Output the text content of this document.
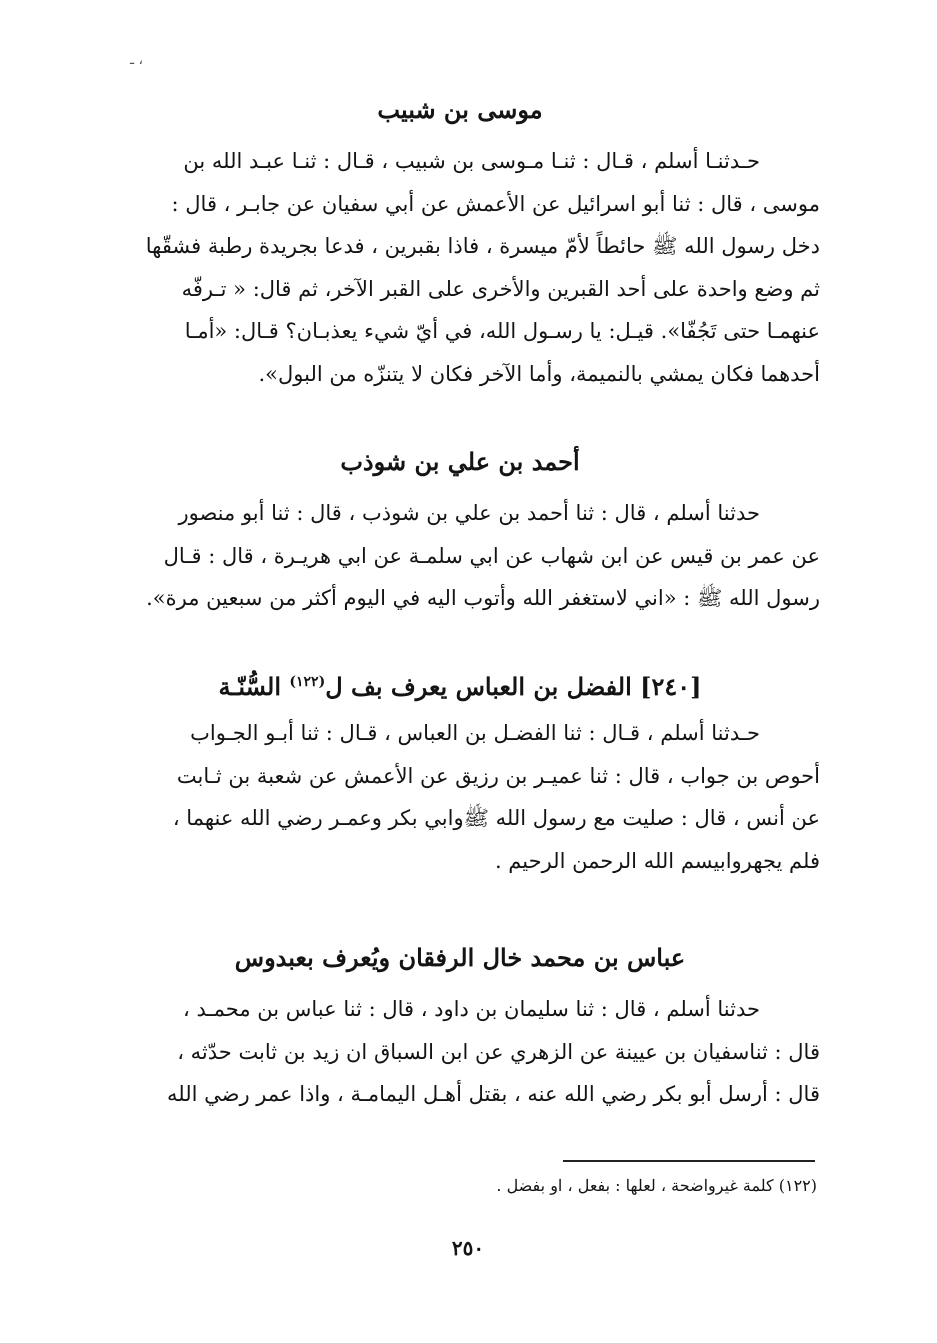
، ـ
موسى بن شبيب
حـدثنـا أسلم ، قـال : ثنـا مـوسى بن شبيب ، قـال : ثنـا عبـد الله بن
موسى ، قال : ثنا أبو اسرائيل عن الأعمش عن أبي سفيان عن جابـر ، قال :
دخل رسول الله ﷺ حائطاً لأمّ ميسرة ، فاذا بقبرين ، فدعا بجريدة رطبة فشقّها
ثم وضع واحدة على أحد القبرين والأخرى على القبر الآخر، ثم قال: « تـرفّه
عنهمـا حتى تَجُفّا». قيـل: يا رسـول الله، في أيّ شيء يعذبـان؟ قـال: «أمـا
أحدهما فكان يمشي بالنميمة، وأما الآخر فكان لا يتنزّه من البول».
أحمد بن علي بن شوذب
حدثنا أسلم ، قال : ثنا أحمد بن علي بن شوذب ، قال : ثنا أبو منصور
عن عمر بن قيس عن ابن شهاب عن ابي سلمـة عن ابي هريـرة ، قال : قـال
رسول الله ﷺ : «اني لاستغفر الله وأتوب اليه في اليوم أكثر من سبعين مرة».
[٢٤٠] الفضل بن العباس يعرف بف ل$^{(١٢٢)}$ السُّنّـة
حـدثنا أسلم ، قـال : ثنا الفضـل بن العباس ، قـال : ثنا أبـو الجـواب
أحوص بن جواب ، قال : ثنا عميـر بن رزيق عن الأعمش عن شعبة بن ثـابت
عن أنس ، قال : صليت مع رسول الله ﷺوابي بكر وعمـر رضي الله عنهما ،
فلم يجهروابيسم الله الرحمن الرحيم .
عباس بن محمد خال الرفقان ويُعرف بعبدوس
حدثنا أسلم ، قال : ثنا سليمان بن داود ، قال : ثنا عباس بن محمـد ،
قال : ثناسفيان بن عيينة عن الزهري عن ابن السباق ان زيد بن ثابت حدّثه ،
قال : أرسل أبو بكر رضي الله عنه ، بقتل أهـل اليمامـة ، واذا عمر رضي الله
(١٢٢) كلمة غيرواضحة ، لعلها : بفعل ، او بفضل .
٢٥٠
